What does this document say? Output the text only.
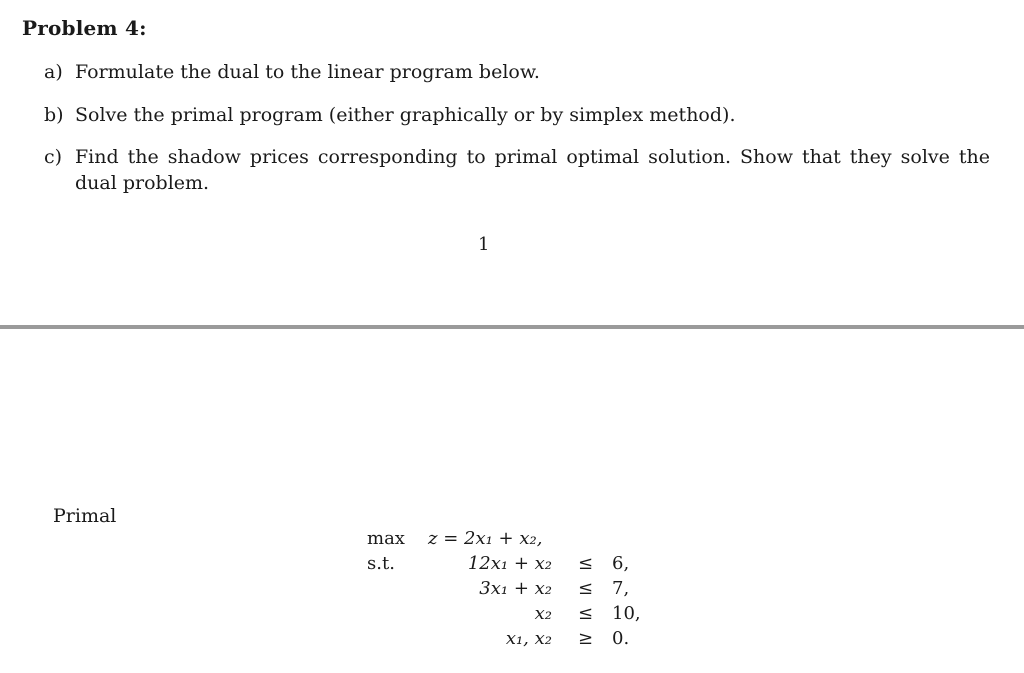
Problem 4:
a) Formulate the dual to the linear program below.
b) Solve the primal program (either graphically or by simplex method).
c) Find the shadow prices corresponding to primal optimal solution. Show that they solve the dual problem.
1
Primal
max z = 2x₁ + x₂,
s.t.	12x₁ + x₂ ≤ 6,
3x₁ + x₂ ≤ 7,
x₂ ≤ 10,
x₁, x₂ ≥ 0.
